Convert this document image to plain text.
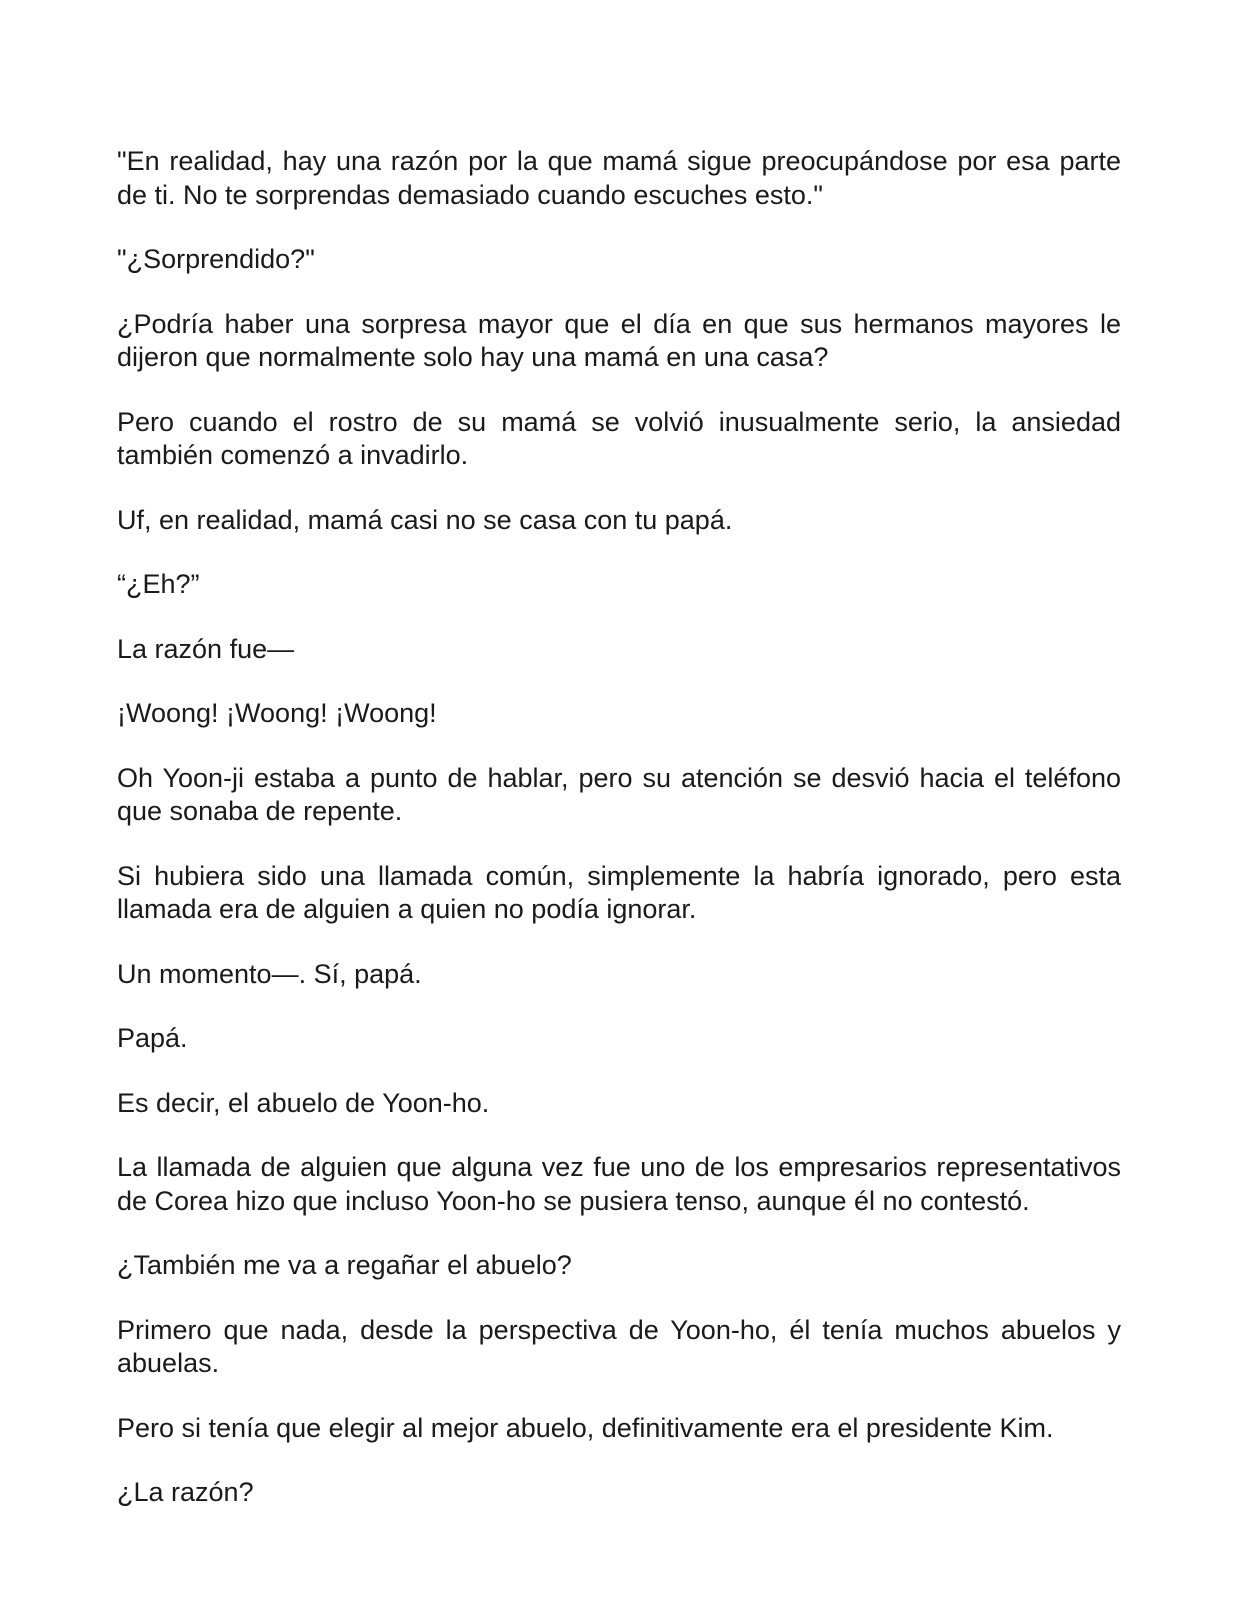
"En realidad, hay una razón por la que mamá sigue preocupándose por esa parte de ti. No te sorprendas demasiado cuando escuches esto."

"¿Sorprendido?"

¿Podría haber una sorpresa mayor que el día en que sus hermanos mayores le dijeron que normalmente solo hay una mamá en una casa?

Pero cuando el rostro de su mamá se volvió inusualmente serio, la ansiedad también comenzó a invadirlo.

Uf, en realidad, mamá casi no se casa con tu papá.

“¿Eh?”

La razón fue—

¡Woong! ¡Woong! ¡Woong!

Oh Yoon-ji estaba a punto de hablar, pero su atención se desvió hacia el teléfono que sonaba de repente.

Si hubiera sido una llamada común, simplemente la habría ignorado, pero esta llamada era de alguien a quien no podía ignorar.

Un momento—. Sí, papá.

Papá.

Es decir, el abuelo de Yoon-ho.

La llamada de alguien que alguna vez fue uno de los empresarios representativos de Corea hizo que incluso Yoon-ho se pusiera tenso, aunque él no contestó.

¿También me va a regañar el abuelo?

Primero que nada, desde la perspectiva de Yoon-ho, él tenía muchos abuelos y abuelas.

Pero si tenía que elegir al mejor abuelo, definitivamente era el presidente Kim.

¿La razón?
